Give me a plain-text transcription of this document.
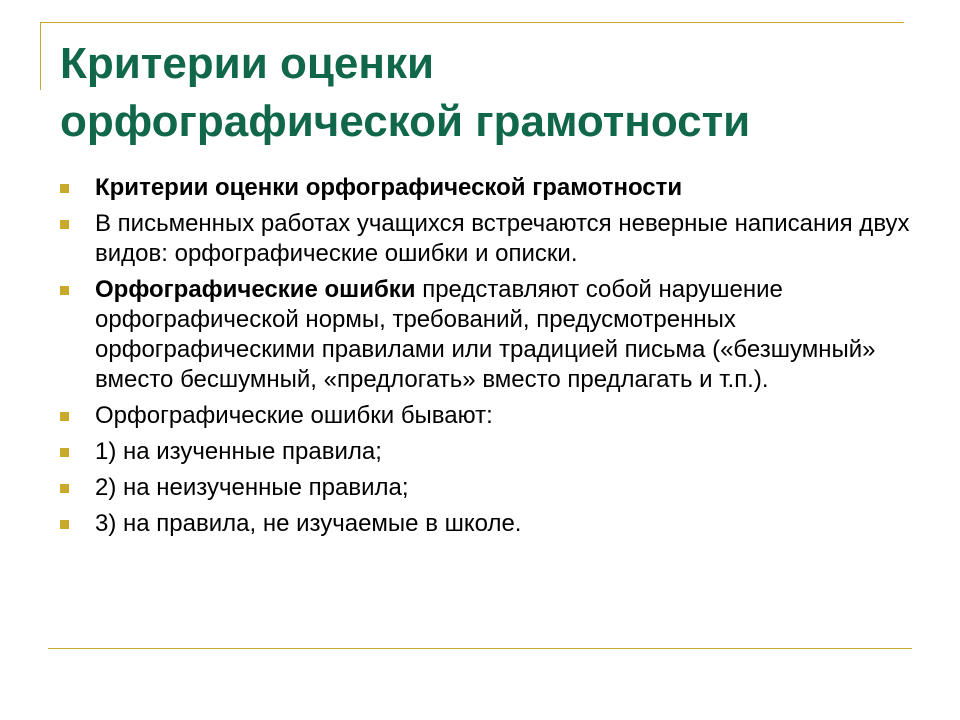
Критерии оценки
орфографической грамотности
Критерии оценки орфографической грамотности
В письменных работах учащихся встречаются неверные написания двух видов: орфографические ошибки и описки.
Орфографические ошибки представляют собой нарушение орфографической нормы, требований, предусмотренных орфографическими правилами или традицией письма («безшумный» вместо бесшумный, «предлогать» вместо предлагать и т.п.).
Орфографические ошибки бывают:
1) на изученные правила;
2) на неизученные правила;
3) на правила, не изучаемые в школе.
